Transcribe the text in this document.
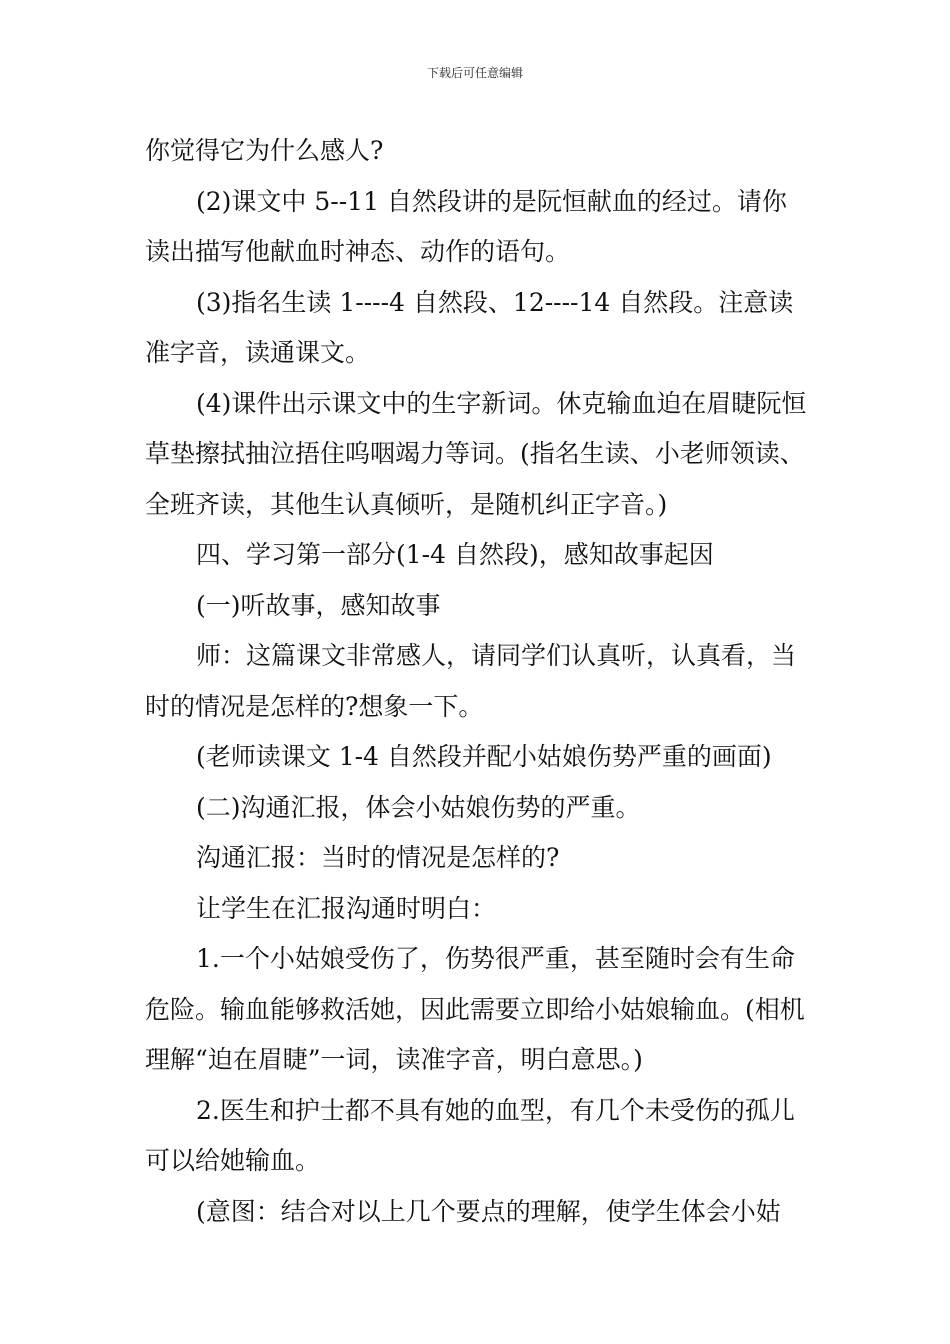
下载后可任意编辑

你觉得它为什么感人?

(2)课文中 5--11 自然段讲的是阮恒献血的经过。请你读出描写他献血时神态、动作的语句。

(3)指名生读 1----4 自然段、12----14 自然段。注意读准字音，读通课文。

(4)课件出示课文中的生字新词。休克输血迫在眉睫阮恒草垫擦拭抽泣捂住呜咽竭力等词。(指名生读、小老师领读、全班齐读，其他生认真倾听，是随机纠正字音。)

四、学习第一部分(1-4 自然段)，感知故事起因

(一)听故事，感知故事

师：这篇课文非常感人，请同学们认真听，认真看，当时的情况是怎样的?想象一下。

(老师读课文 1-4 自然段并配小姑娘伤势严重的画面)

(二)沟通汇报，体会小姑娘伤势的严重。

沟通汇报：当时的情况是怎样的?

让学生在汇报沟通时明白：

1.一个小姑娘受伤了，伤势很严重，甚至随时会有生命危险。输血能够救活她，因此需要立即给小姑娘输血。(相机理解“迫在眉睫”一词，读准字音，明白意思。)

2.医生和护士都不具有她的血型，有几个未受伤的孤儿可以给她输血。

(意图：结合对以上几个要点的理解，使学生体会小姑
